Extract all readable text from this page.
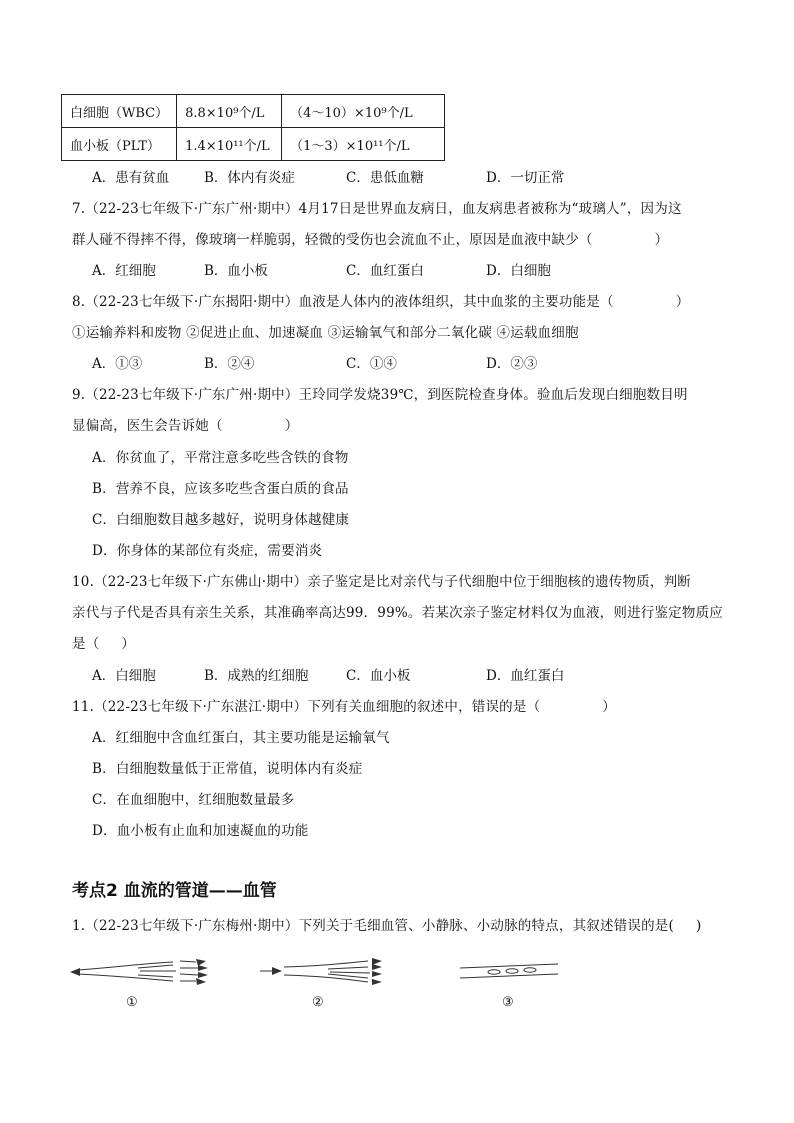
白细胞（WBC）	8.8×10⁹个/L	（4～10）×10⁹个/L
血小板（PLT）	1.4×10¹¹个/L	（1～3）×10¹¹个/L
A．患有贫血	B．体内有炎症	C．患低血糖	D．一切正常
7.（22-23七年级下·广东广州·期中）4月17日是世界血友病日，血友病患者被称为“玻璃人”，因为这
群人碰不得摔不得，像玻璃一样脆弱，轻微的受伤也会流血不止，原因是血液中缺少（	）
A．红细胞	B．血小板	C．血红蛋白	D．白细胞
8.（22-23七年级下·广东揭阳·期中）血液是人体内的液体组织，其中血浆的主要功能是（	）
①运输养料和废物 ②促进止血、加速凝血 ③运输氧气和部分二氧化碳 ④运载血细胞
A．①③	B．②④	C．①④	D．②③
9.（22-23七年级下·广东广州·期中）王玲同学发烧39℃，到医院检查身体。验血后发现白细胞数目明
显偏高，医生会告诉她（	）
A．你贫血了，平常注意多吃些含铁的食物
B．营养不良，应该多吃些含蛋白质的食品
C．白细胞数目越多越好，说明身体越健康
D．你身体的某部位有炎症，需要消炎
10.（22-23七年级下·广东佛山·期中）亲子鉴定是比对亲代与子代细胞中位于细胞核的遗传物质，判断
亲代与子代是否具有亲生关系，其准确率高达99．99%。若某次亲子鉴定材料仅为血液，则进行鉴定物质应
是（ ）
A．白细胞	B．成熟的红细胞	C．血小板	D．血红蛋白
11.（22-23七年级下·广东湛江·期中）下列有关血细胞的叙述中，错误的是（	）
A．红细胞中含血红蛋白，其主要功能是运输氧气
B．白细胞数量低于正常值，说明体内有炎症
C．在血细胞中，红细胞数量最多
D．血小板有止血和加速凝血的功能
考点2 血流的管道——血管
1.（22-23七年级下·广东梅州·期中）下列关于毛细血管、小静脉、小动脉的特点，其叙述错误的是( )
①	②	③
